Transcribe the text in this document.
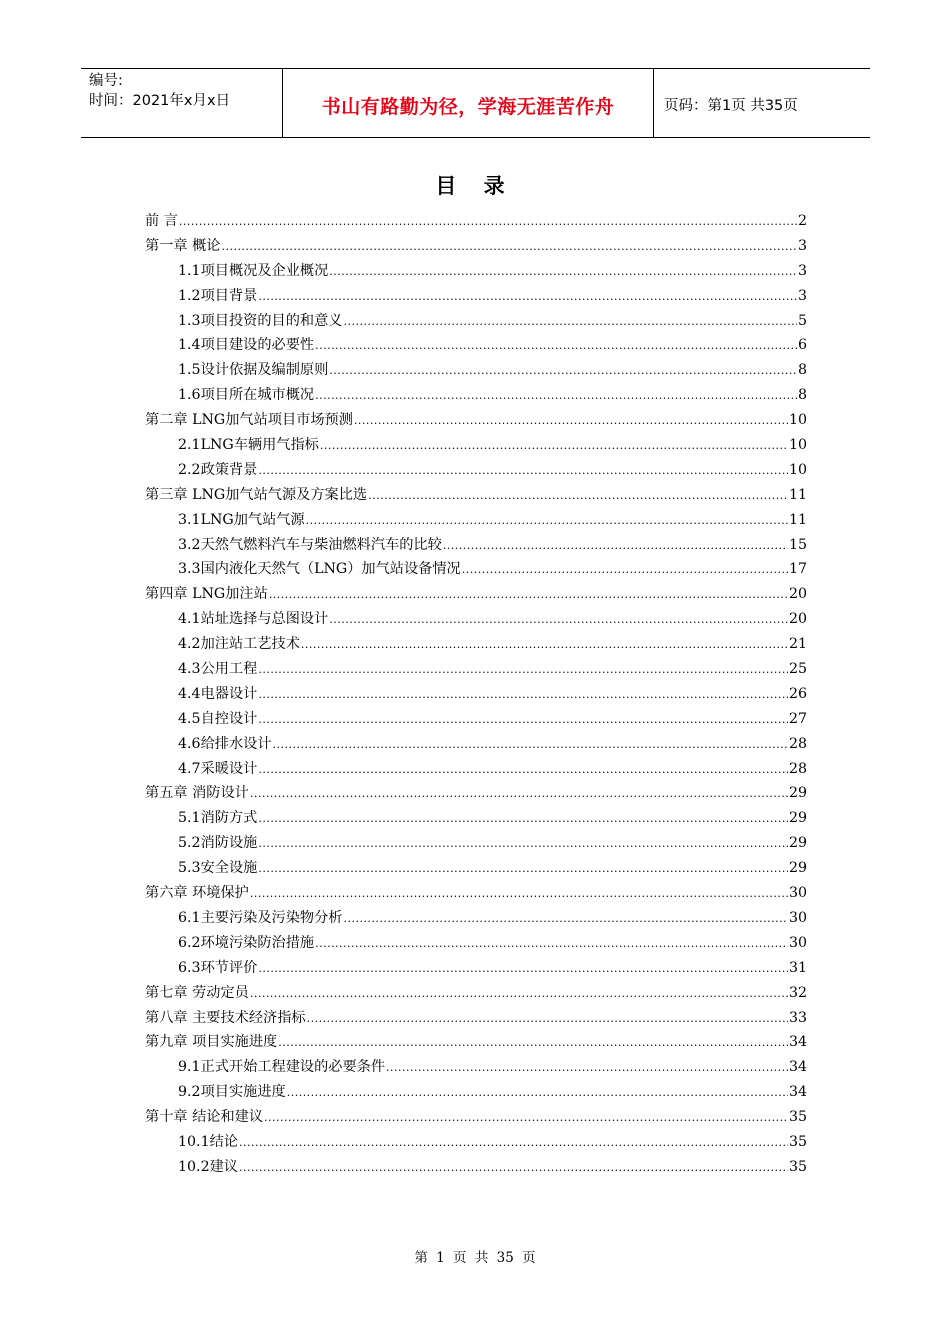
编号:
时间：2021年x月x日	书山有路勤为径，学海无涯苦作舟	页码：第1页 共35页
目 录
前 言 .....	2
第一章 概论 .....	3
1.1项目概况及企业概况 .....	3
1.2项目背景 .....	3
1.3项目投资的目的和意义 .....	5
1.4项目建设的必要性 .....	6
1.5设计依据及编制原则 .....	8
1.6项目所在城市概况 .....	8
第二章 LNG加气站项目市场预测 .....	10
2.1LNG车辆用气指标 .....	10
2.2政策背景 .....	10
第三章 LNG加气站气源及方案比选 .....	11
3.1LNG加气站气源 .....	11
3.2天然气燃料汽车与柴油燃料汽车的比较 .....	15
3.3国内液化天然气（LNG）加气站设备情况 .....	17
第四章 LNG加注站 .....	20
4.1站址选择与总图设计 .....	20
4.2加注站工艺技术 .....	21
4.3公用工程 .....	25
4.4电器设计 .....	26
4.5自控设计 .....	27
4.6给排水设计 .....	28
4.7采暖设计 .....	28
第五章 消防设计 .....	29
5.1消防方式 .....	29
5.2消防设施 .....	29
5.3安全设施 .....	29
第六章 环境保护 .....	30
6.1主要污染及污染物分析 .....	30
6.2环境污染防治措施 .....	30
6.3环节评价 .....	31
第七章 劳动定员 .....	32
第八章 主要技术经济指标 .....	33
第九章 项目实施进度 .....	34
9.1正式开始工程建设的必要条件 .....	34
9.2项目实施进度 .....	34
第十章 结论和建议 .....	35
10.1结论 .....	35
10.2建议 .....	35
第 1 页 共 35 页
